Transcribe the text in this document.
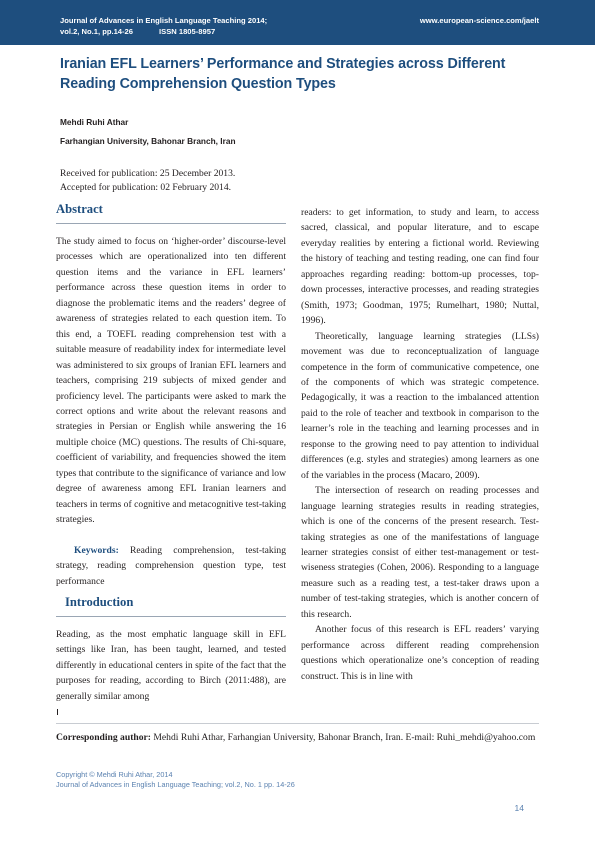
Journal of Advances in English Language Teaching 2014;
vol.2, No.1, pp.14-26	ISSN 1805-8957
www.european-science.com/jaelt
Iranian EFL Learners’ Performance and Strategies across Different Reading Comprehension Question Types
Mehdi Ruhi Athar
Farhangian University, Bahonar Branch, Iran
Received for publication: 25 December 2013.
Accepted for publication: 02 February 2014.
Abstract

The study aimed to focus on ‘higher-order’ discourse-level processes which are operationalized into ten different question items and the variance in EFL learners’ performance across these question items in order to diagnose the problematic items and the readers’ degree of awareness of strategies related to each question item. To this end, a TOEFL reading comprehension test with a suitable measure of readability index for intermediate level was administered to six groups of Iranian EFL learners and teachers, comprising 219 subjects of mixed gender and proficiency level. The participants were asked to mark the correct options and write about the relevant reasons and strategies in Persian or English while answering the 16 multiple choice (MC) questions. The results of Chi-square, coefficient of variability, and frequencies showed the item types that contribute to the significance of variance and low degree of awareness among EFL Iranian learners and teachers in terms of cognitive and metacognitive test-taking strategies.

Keywords: Reading comprehension, test-taking strategy, reading comprehension question type, test performance

Introduction

Reading, as the most emphatic language skill in EFL settings like Iran, has been taught, learned, and tested differently in educational centers in spite of the fact that the purposes for reading, according to Birch (2011:488), are generally similar among

readers: to get information, to study and learn, to access sacred, classical, and popular literature, and to escape everyday realities by entering a fictional world. Reviewing the history of teaching and testing reading, one can find four approaches regarding reading: bottom-up processes, top-down processes, interactive processes, and reading strategies (Smith, 1973; Goodman, 1975; Rumelhart, 1980; Nuttal, 1996).

Theoretically, language learning strategies (LLSs) movement was due to reconceptualization of language competence in the form of communicative competence, one of the components of which was strategic competence. Pedagogically, it was a reaction to the imbalanced attention paid to the role of teacher and textbook in comparison to the learner’s role in the teaching and learning processes and in response to the growing need to pay attention to individual differences (e.g. styles and strategies) among learners as one of the variables in the process (Macaro, 2009).

The intersection of research on reading processes and language learning strategies results in reading strategies, which is one of the concerns of the present research. Test-taking strategies as one of the manifestations of language learner strategies consist of either test-management or test-wiseness strategies (Cohen, 2006). Responding to a language measure such as a reading test, a test-taker draws upon a number of test-taking strategies, which is another concern of this research.

Another focus of this research is EFL readers’ varying performance across different reading comprehension questions which operationalize one’s conception of reading construct. This is in line with

Corresponding author: Mehdi Ruhi Athar, Farhangian University, Bahonar Branch, Iran. E-mail: Ruhi_mehdi@yahoo.com
Copyright © Mehdi Ruhi Athar, 2014
Journal of Advances in English Language Teaching; vol.2, No. 1 pp. 14-26
14
